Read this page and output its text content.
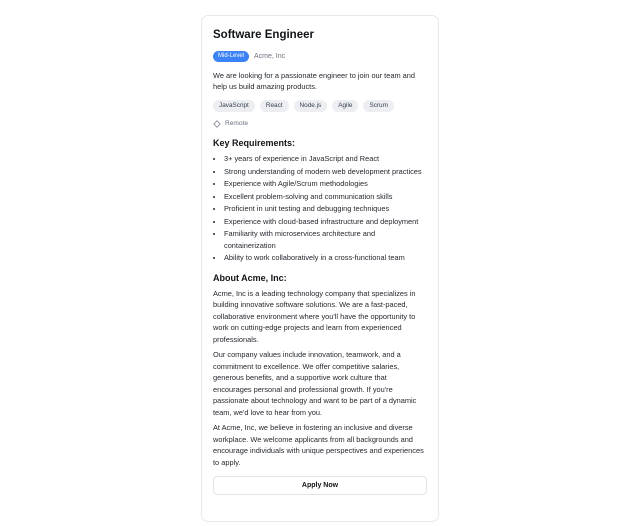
Software Engineer
Mid-Level	Acme, Inc

We are looking for a passionate engineer to join our team and help us build amazing products.

JavaScript	React	Node.js	Agile	Scrum
Remote
Key Requirements:
• 3+ years of experience in JavaScript and React
• Strong understanding of modern web development practices
• Experience with Agile/Scrum methodologies
• Excellent problem-solving and communication skills
• Proficient in unit testing and debugging techniques
• Experience with cloud-based infrastructure and deployment
• Familiarity with microservices architecture and containerization
• Ability to work collaboratively in a cross-functional team
About Acme, Inc:

Acme, Inc is a leading technology company that specializes in building innovative software solutions. We are a fast-paced, collaborative environment where you'll have the opportunity to work on cutting-edge projects and learn from experienced professionals.

Our company values include innovation, teamwork, and a commitment to excellence. We offer competitive salaries, generous benefits, and a supportive work culture that encourages personal and professional growth. If you're passionate about technology and want to be part of a dynamic team, we'd love to hear from you.

At Acme, Inc, we believe in fostering an inclusive and diverse workplace. We welcome applicants from all backgrounds and encourage individuals with unique perspectives and experiences to apply.

Apply Now
